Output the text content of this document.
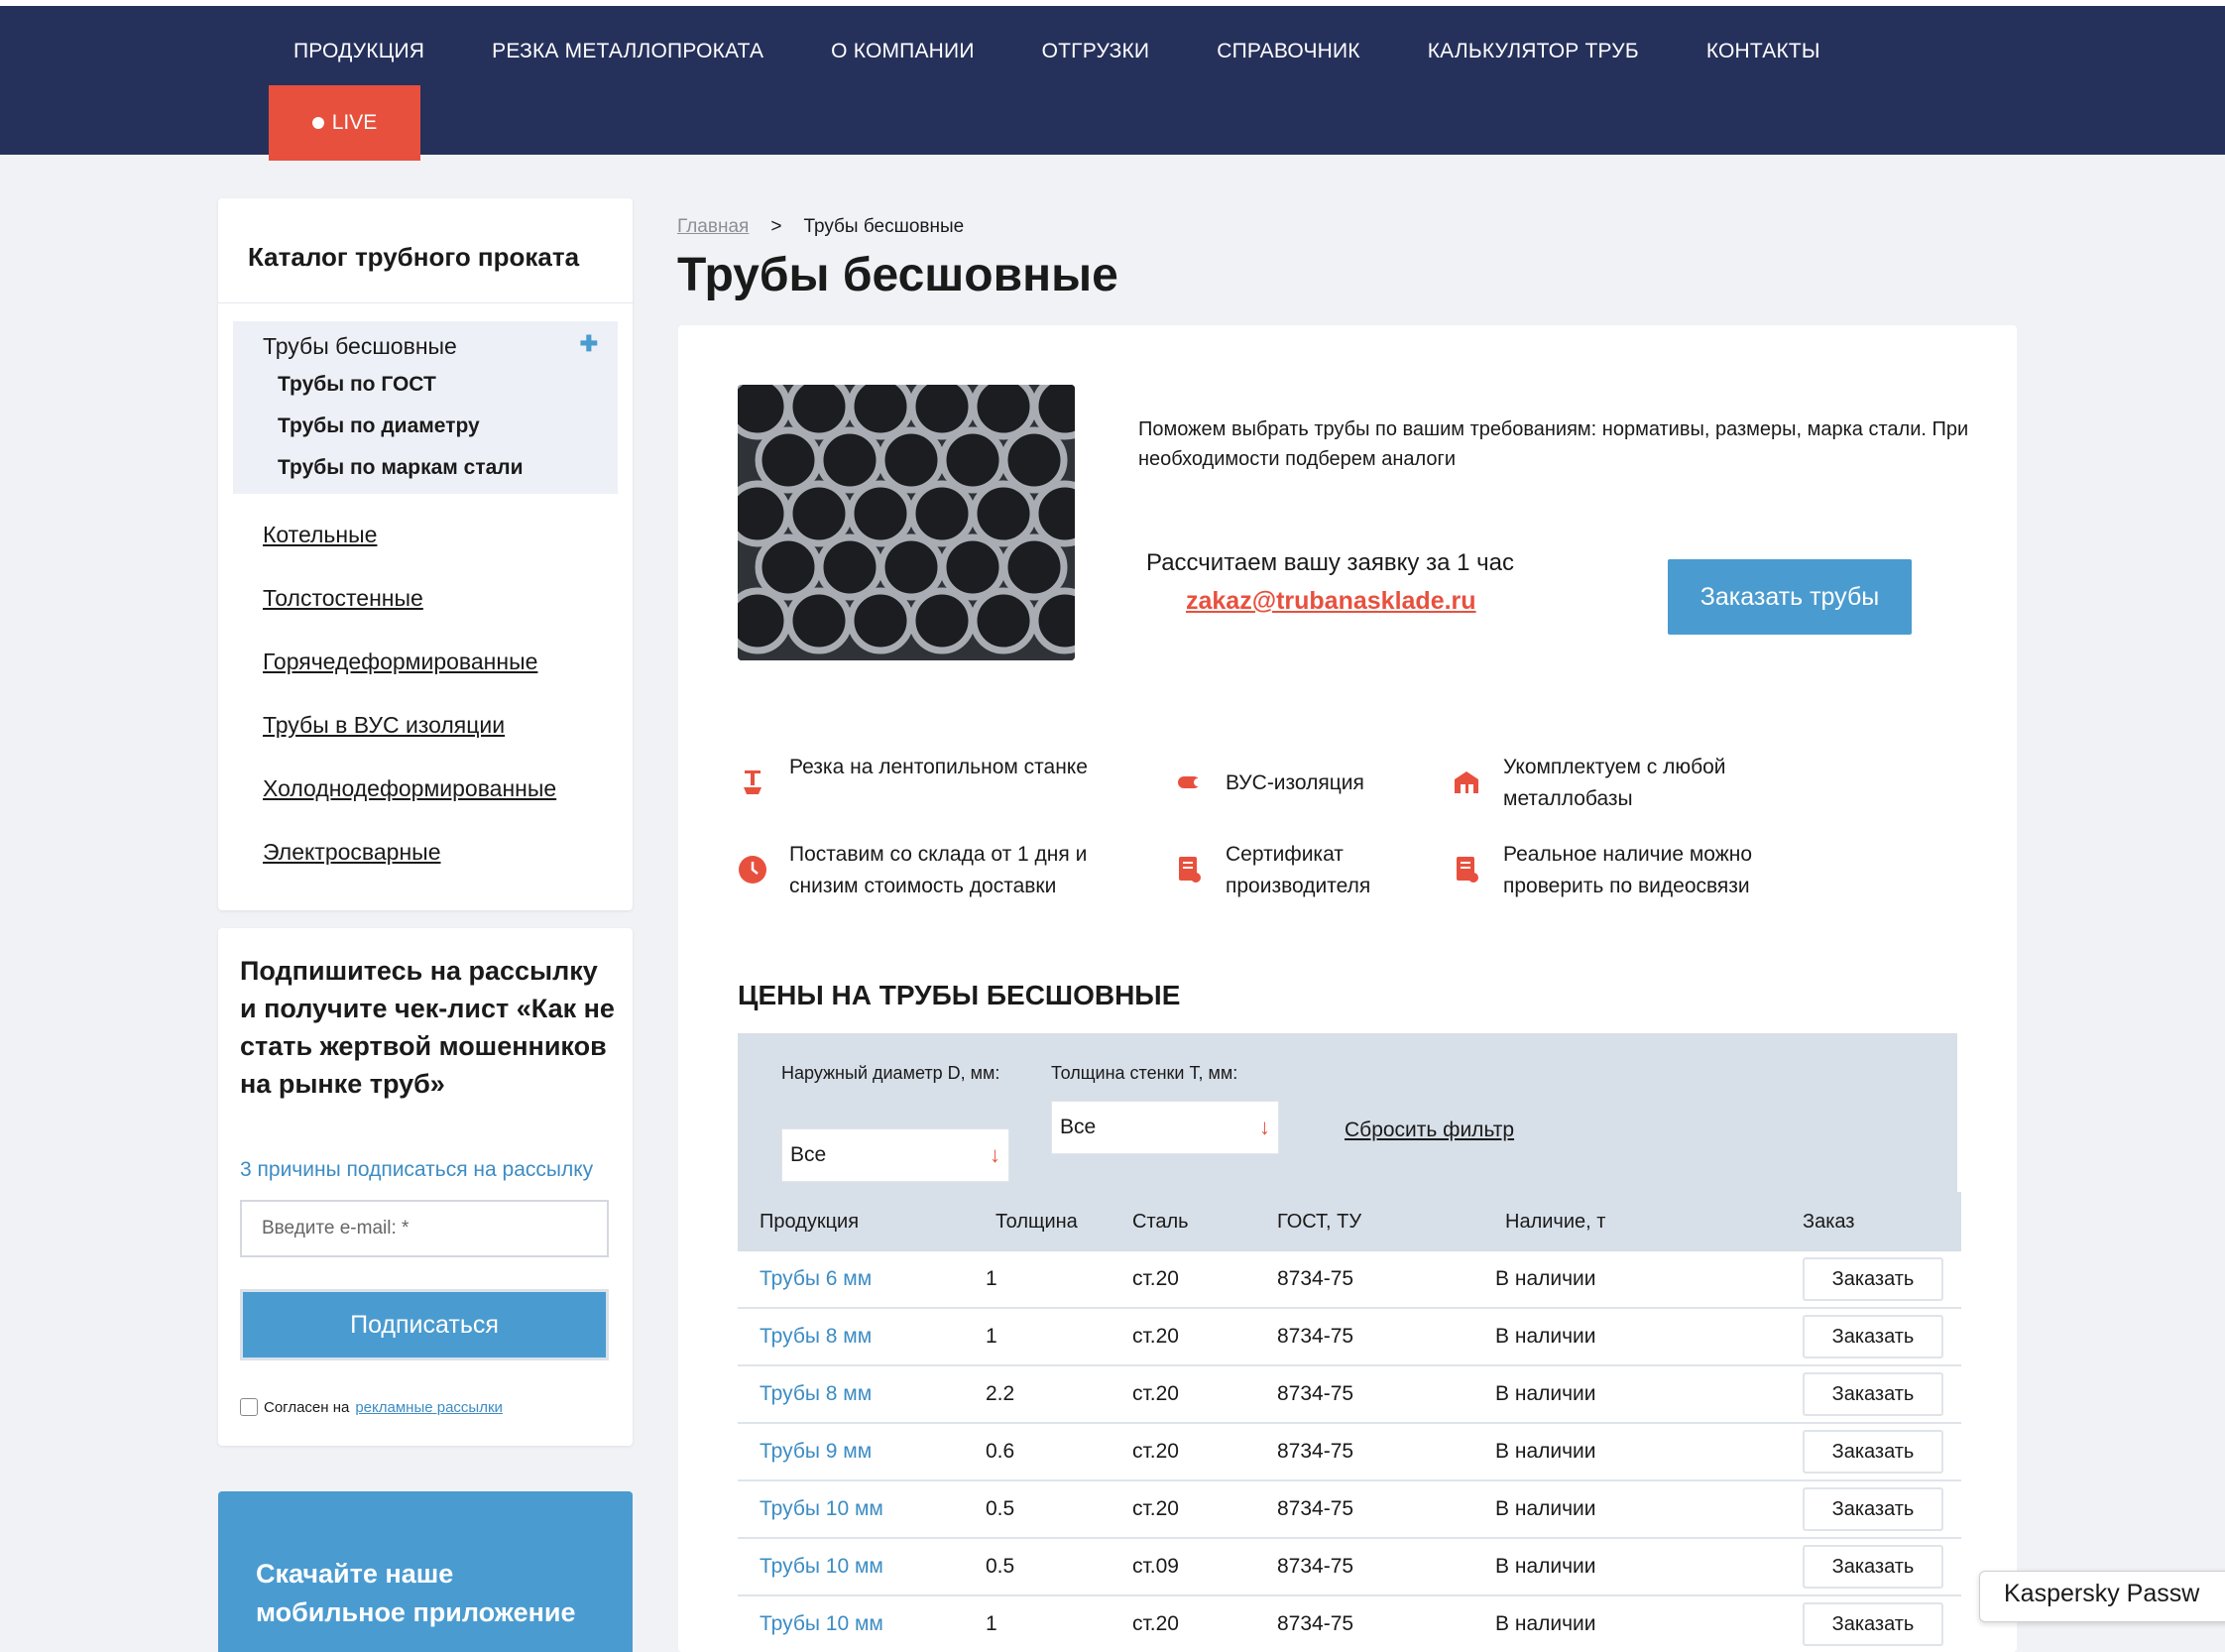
ПРОДУКЦИЯ	РЕЗКА МЕТАЛЛОПРОКАТА	О КОМПАНИИ	ОТГРУЗКИ	СПРАВОЧНИК	КАЛЬКУЛЯТОР ТРУБ	КОНТАКТЫ
LIVE
Каталог трубного проката
Трубы бесшовные	✚
Трубы по ГОСТ
Трубы по диаметру
Трубы по маркам стали
Котельные
Толстостенные
Горячедеформированные
Трубы в ВУС изоляции
Холоднодеформированные
Электросварные
Подпишитесь на рассылку и получите чек-лист «Как не стать жертвой мошенников на рынке труб»
3 причины подписаться на рассылку
Введите e-mail: *
Подписаться
Согласен на рекламные рассылки
Скачайте наше мобильное приложение
Главная > Трубы бесшовные
Трубы бесшовные
Поможем выбрать трубы по вашим требованиям: нормативы, размеры, марка стали. При необходимости подберем аналоги
Рассчитаем вашу заявку за 1 час
zakaz@trubanasklade.ru	Заказать трубы
Резка на лентопильном станке
ВУС-изоляция
Укомплектуем с любой металлобазы
Поставим со склада от 1 дня и снизим стоимость доставки
Сертификат производителя
Реальное наличие можно проверить по видеосвязи
ЦЕНЫ НА ТРУБЫ БЕСШОВНЫЕ
Наружный диаметр D, мм:
Все	↓
Толщина стенки T, мм:
Все	↓	Сбросить фильтр
Продукция	Толщина	Сталь	ГОСТ, ТУ	Наличие, т	Заказ
Трубы 6 мм	1	ст.20	8734-75	В наличии	Заказать
Трубы 8 мм	1	ст.20	8734-75	В наличии	Заказать
Трубы 8 мм	2.2	ст.20	8734-75	В наличии	Заказать
Трубы 9 мм	0.6	ст.20	8734-75	В наличии	Заказать
Трубы 10 мм	0.5	ст.20	8734-75	В наличии	Заказать
Трубы 10 мм	0.5	ст.09	8734-75	В наличии	Заказать
Трубы 10 мм	1	ст.20	8734-75	В наличии	Заказать
Kaspersky Passw
